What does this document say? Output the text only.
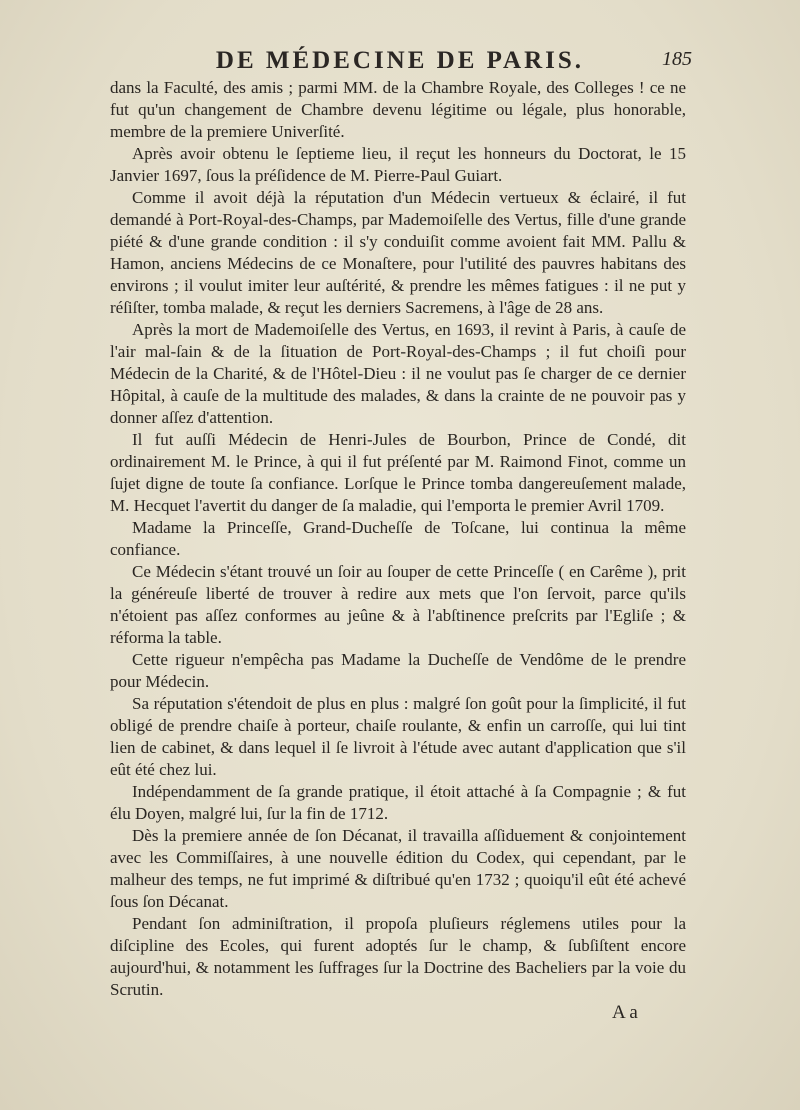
DE MÉDECINE DE PARIS.	185

dans la Faculté, des amis ; parmi MM. de la Chambre Royale, des Colleges ! ce ne fut qu'un changement de Chambre devenu légitime ou légale, plus honorable, membre de la premiere Univerſité.

Après avoir obtenu le ſeptieme lieu, il reçut les honneurs du Doctorat, le 15 Janvier 1697, ſous la préſidence de M. Pierre-Paul Guiart.

Comme il avoit déjà la réputation d'un Médecin vertueux & éclairé, il fut demandé à Port-Royal-des-Champs, par Mademoiſelle des Vertus, fille d'une grande piété & d'une grande condition : il s'y conduiſit comme avoient fait MM. Pallu & Hamon, anciens Médecins de ce Monaſtere, pour l'utilité des pauvres habitans des environs ; il voulut imiter leur auſtérité, & prendre les mêmes fatigues : il ne put y réſiſter, tomba malade, & reçut les derniers Sacremens, à l'âge de 28 ans.

Après la mort de Mademoiſelle des Vertus, en 1693, il revint à Paris, à cauſe de l'air mal-ſain & de la ſituation de Port-Royal-des-Champs ; il fut choiſi pour Médecin de la Charité, & de l'Hôtel-Dieu : il ne voulut pas ſe charger de ce dernier Hôpital, à cauſe de la multitude des malades, & dans la crainte de ne pouvoir pas y donner aſſez d'attention.

Il fut auſſi Médecin de Henri-Jules de Bourbon, Prince de Condé, dit ordinairement M. le Prince, à qui il fut préſenté par M. Raimond Finot, comme un ſujet digne de toute ſa confiance. Lorſque le Prince tomba dangereuſement malade, M. Hecquet l'avertit du danger de ſa maladie, qui l'emporta le premier Avril 1709.

Madame la Princeſſe, Grand-Ducheſſe de Toſcane, lui continua la même confiance.

Ce Médecin s'étant trouvé un ſoir au ſouper de cette Princeſſe ( en Carême ), prit la généreuſe liberté de trouver à redire aux mets que l'on ſervoit, parce qu'ils n'étoient pas aſſez conformes au jeûne & à l'abſtinence preſcrits par l'Egliſe ; & réforma la table.

Cette rigueur n'empêcha pas Madame la Ducheſſe de Vendôme de le prendre pour Médecin.

Sa réputation s'étendoit de plus en plus : malgré ſon goût pour la ſimplicité, il fut obligé de prendre chaiſe à porteur, chaiſe roulante, & enfin un carroſſe, qui lui tint lien de cabinet, & dans lequel il ſe livroit à l'étude avec autant d'application que s'il eût été chez lui.

Indépendamment de ſa grande pratique, il étoit attaché à ſa Compagnie ; & fut élu Doyen, malgré lui, ſur la fin de 1712.

Dès la premiere année de ſon Décanat, il travailla aſſiduement & conjointement avec les Commiſſaires, à une nouvelle édition du Codex, qui cependant, par le malheur des temps, ne fut imprimé & diſtribué qu'en 1732 ; quoiqu'il eût été achevé ſous ſon Décanat.

Pendant ſon adminiſtration, il propoſa pluſieurs réglemens utiles pour la diſcipline des Ecoles, qui furent adoptés ſur le champ, & ſubſiſtent encore aujourd'hui, & notamment les ſuffrages ſur la Doctrine des Bacheliers par la voie du Scrutin.

A a
